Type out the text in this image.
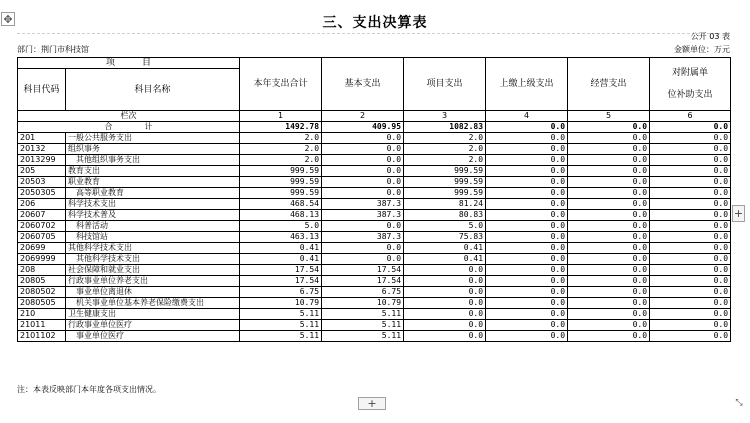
✥	三、支出决算表
公开 03 表
部门：荆门市科技馆	金额单位：万元
项　　　目		本年支出合计	基本支出	项目支出	上缴上级支出	经营支出	对附属单
位补助支出
科目代码	科目名称						
栏次		1	2	3	4	5	6
合　　　　计		1492.78	409.95	1082.83	0.0	0.0	0.0
201	一般公共服务支出	2.0	0.0	2.0	0.0	0.0	0.0
20132	组织事务	2.0	0.0	2.0	0.0	0.0	0.0
2013299	　其他组织事务支出	2.0	0.0	2.0	0.0	0.0	0.0
205	教育支出	999.59	0.0	999.59	0.0	0.0	0.0
20503	职业教育	999.59	0.0	999.59	0.0	0.0	0.0
2050305	　高等职业教育	999.59	0.0	999.59	0.0	0.0	0.0
206	科学技术支出	468.54	387.3	81.24	0.0	0.0	0.0
20607	科学技术普及	468.13	387.3	80.83	0.0	0.0	0.0
2060702	　科普活动	5.0	0.0	5.0	0.0	0.0	0.0
2060705	　科技馆站	463.13	387.3	75.83	0.0	0.0	0.0
20699	其他科学技术支出	0.41	0.0	0.41	0.0	0.0	0.0
2069999	　其他科学技术支出	0.41	0.0	0.41	0.0	0.0	0.0
208	社会保障和就业支出	17.54	17.54	0.0	0.0	0.0	0.0
20805	行政事业单位养老支出	17.54	17.54	0.0	0.0	0.0	0.0
2080502	　事业单位离退休	6.75	6.75	0.0	0.0	0.0	0.0
2080505	　机关事业单位基本养老保险缴费支出	10.79	10.79	0.0	0.0	0.0	0.0
210	卫生健康支出	5.11	5.11	0.0	0.0	0.0	0.0
21011	行政事业单位医疗	5.11	5.11	0.0	0.0	0.0	0.0
2101102	　事业单位医疗	5.11	5.11	0.0	0.0	0.0	0.0
注：本表反映部门本年度各项支出情况。
+
+
⤡
